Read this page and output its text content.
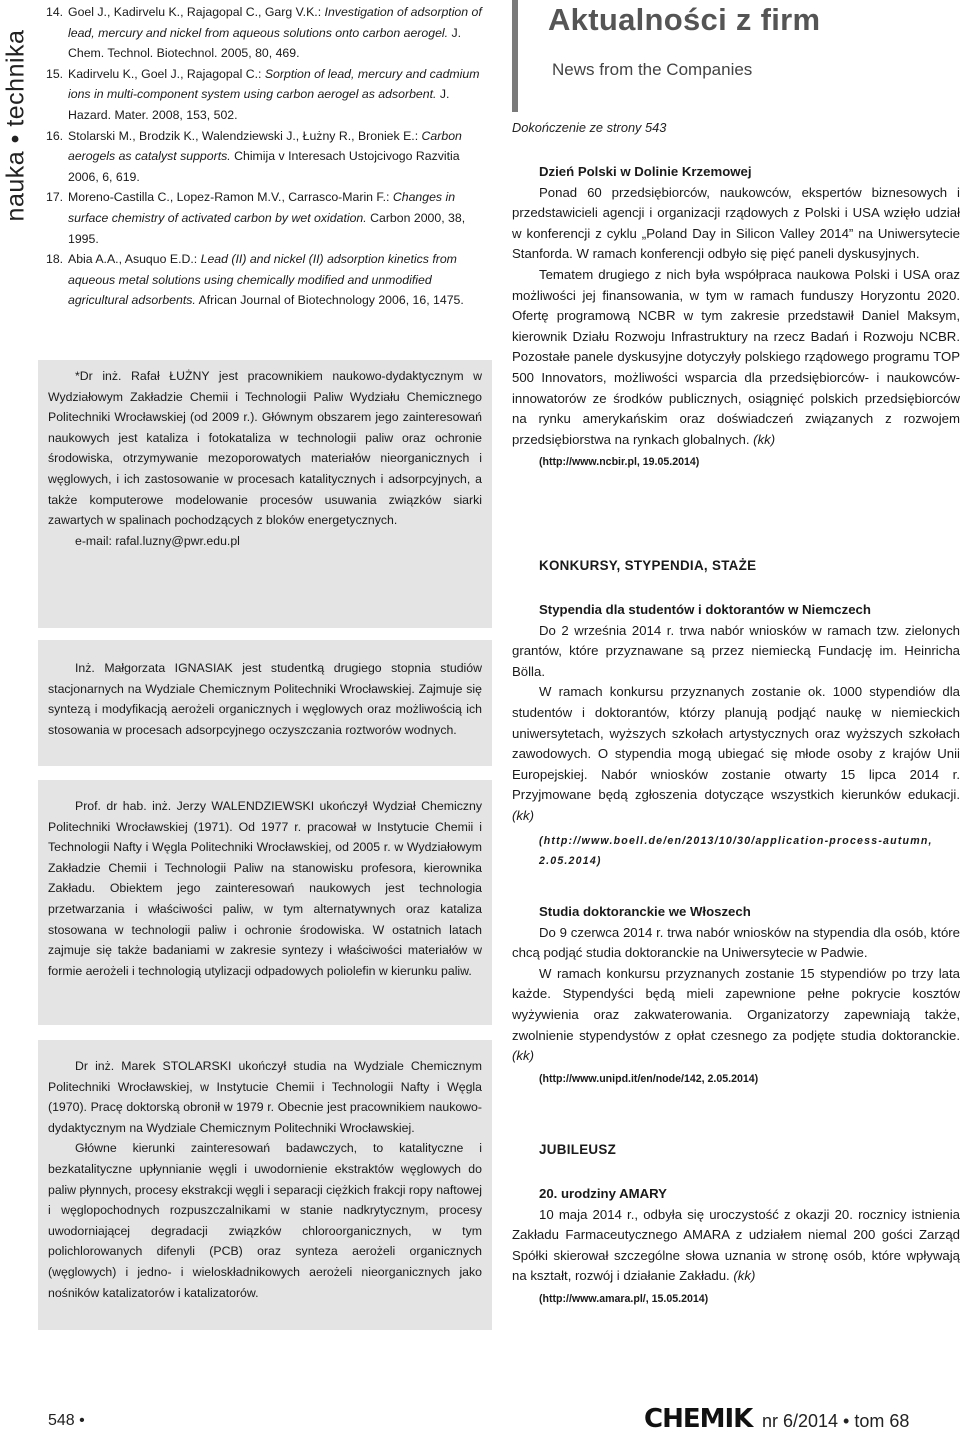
nauka • technika
14. Goel J., Kadirvelu K., Rajagopal C., Garg V.K.: Investigation of adsorption of lead, mercury and nickel from aqueous solutions onto carbon aerogel. J. Chem. Technol. Biotechnol. 2005, 80, 469.
15. Kadirvelu K., Goel J., Rajagopal C.: Sorption of lead, mercury and cadmium ions in multi-component system using carbon aerogel as adsorbent. J. Hazard. Mater. 2008, 153, 502.
16. Stolarski M., Brodzik K., Walendziewski J., Łużny R., Broniek E.: Carbon aerogels as catalyst supports. Chimija v Interesach Ustojcivogo Razvitia 2006, 6, 619.
17. Moreno-Castilla C., Lopez-Ramon M.V., Carrasco-Marin F.: Changes in surface chemistry of activated carbon by wet oxidation. Carbon 2000, 38, 1995.
18. Abia A.A., Asuquo E.D.: Lead (II) and nickel (II) adsorption kinetics from aqueous metal solutions using chemically modified and unmodified agricultural adsorbents. African Journal of Biotechnology 2006, 16, 1475.

*Dr inż. Rafał ŁUŻNY jest pracownikiem naukowo-dydaktycznym w Wydziałowym Zakładzie Chemii i Technologii Paliw Wydziału Chemicznego Politechniki Wrocławskiej (od 2009 r.). Głównym obszarem jego zainteresowań naukowych jest kataliza i fotokataliza w technologii paliw oraz ochronie środowiska, otrzymywanie mezoporowatych materiałów nieorganicznych i węglowych, i ich zastosowanie w procesach katalitycznych i adsorpcyjnych, a także komputerowe modelowanie procesów usuwania związków siarki zawartych w spalinach pochodzących z bloków energetycznych.

e-mail: rafal.luzny@pwr.edu.pl

Inż. Małgorzata IGNASIAK jest studentką drugiego stopnia studiów stacjonarnych na Wydziale Chemicznym Politechniki Wrocławskiej. Zajmuje się syntezą i modyfikacją aerożeli organicznych i węglowych oraz możliwością ich stosowania w procesach adsorpcyjnego oczyszczania roztworów wodnych.

Prof. dr hab. inż. Jerzy WALENDZIEWSKI ukończył Wydział Chemiczny Politechniki Wrocławskiej (1971). Od 1977 r. pracował w Instytucie Chemii i Technologii Nafty i Węgla Politechniki Wrocławskiej, od 2005 r. w Wydziałowym Zakładzie Chemii i Technologii Paliw na stanowisku profesora, kierownika Zakładu. Obiektem jego zainteresowań naukowych jest technologia przetwarzania i właściwości paliw, w tym alternatywnych oraz kataliza stosowana w technologii paliw i ochronie środowiska. W ostatnich latach zajmuje się także badaniami w zakresie syntezy i właściwości materiałów w formie aerożeli i technologią utylizacji odpadowych poliolefin w kierunku paliw.

Dr inż. Marek STOLARSKI ukończył studia na Wydziale Chemicznym Politechniki Wrocławskiej, w Instytucie Chemii i Technologii Nafty i Węgla (1970). Pracę doktorską obronił w 1979 r. Obecnie jest pracownikiem naukowo-dydaktycznym na Wydziale Chemicznym Politechniki Wrocławskiej.

Główne kierunki zainteresowań badawczych, to katalityczne i bezkatalityczne upłynnianie węgli i uwodornienie ekstraktów węglowych do paliw płynnych, procesy ekstrakcji węgli i separacji ciężkich frakcji ropy naftowej i węglopochodnych rozpuszczalnikami w stanie nadkrytycznym, procesy uwodorniającej degradacji związków chloroorganicznych, w tym polichlorowanych difenyli (PCB) oraz synteza aerożeli organicznych (węglowych) i jedno- i wieloskładnikowych aerożeli nieorganicznych jako nośników katalizatorów i katalizatorów.

Aktualności z firm
News from the Companies
Dokończenie ze strony 543
Dzień Polski w Dolinie Krzemowej

Ponad 60 przedsiębiorców, naukowców, ekspertów biznesowych i przedstawicieli agencji i organizacji rządowych z Polski i USA wzięło udział w konferencji z cyklu „Poland Day in Silicon Valley 2014” na Uniwersytecie Stanforda. W ramach konferencji odbyło się pięć paneli dyskusyjnych.

Tematem drugiego z nich była współpraca naukowa Polski i USA oraz możliwości jej finansowania, w tym w ramach funduszy Horyzontu 2020. Ofertę programową NCBR w tym zakresie przedstawił Daniel Maksym, kierownik Działu Rozwoju Infrastruktury na rzecz Badań i Rozwoju NCBR. Pozostałe panele dyskusyjne dotyczyły polskiego rządowego programu TOP 500 Innovators, możliwości wsparcia dla przedsiębiorców- i naukowców-innowatorów ze środków publicznych, osiągnięć polskich przedsiębiorców na rynku amerykańskim oraz doświadczeń związanych z rozwojem przedsiębiorstwa na rynkach globalnych. (kk)

(http://www.ncbir.pl, 19.05.2014)

KONKURSY, STYPENDIA, STAŻE
Stypendia dla studentów i doktorantów w Niemczech

Do 2 września 2014 r. trwa nabór wniosków w ramach tzw. zielonych grantów, które przyznawane są przez niemiecką Fundację im. Heinricha Bölla.

W ramach konkursu przyznanych zostanie ok. 1000 stypendiów dla studentów i doktorantów, którzy planują podjąć naukę w niemieckich uniwersytetach, wyższych szkołach artystycznych oraz wyższych szkołach zawodowych. O stypendia mogą ubiegać się młode osoby z krajów Unii Europejskiej. Nabór wniosków zostanie otwarty 15 lipca 2014 r. Przyjmowane będą zgłoszenia dotyczące wszystkich kierunków edukacji. (kk)

(http://www.boell.de/en/2013/10/30/application-process-autumn, 2.05.2014)

Studia doktoranckie we Włoszech

Do 9 czerwca 2014 r. trwa nabór wniosków na stypendia dla osób, które chcą podjąć studia doktoranckie na Uniwersytecie w Padwie.

W ramach konkursu przyznanych zostanie 15 stypendiów po trzy lata każde. Stypendyści będą mieli zapewnione pełne pokrycie kosztów wyżywienia oraz zakwaterowania. Organizatorzy zapewniają także, zwolnienie stypendystów z opłat czesnego za podjęte studia doktoranckie. (kk)

(http://www.unipd.it/en/node/142, 2.05.2014)

JUBILEUSZ
20. urodziny AMARY

10 maja 2014 r., odbyła się uroczystość z okazji 20. rocznicy istnienia Zakładu Farmaceutycznego AMARA z udziałem niemal 200 gości Zarząd Spółki skierował szczególne słowa uznania w stronę osób, które wpływają na kształt, rozwój i działanie Zakładu. (kk)

(http://www.amara.pl/, 15.05.2014)

548 •	CHEMIK nr 6/2014 • tom 68
